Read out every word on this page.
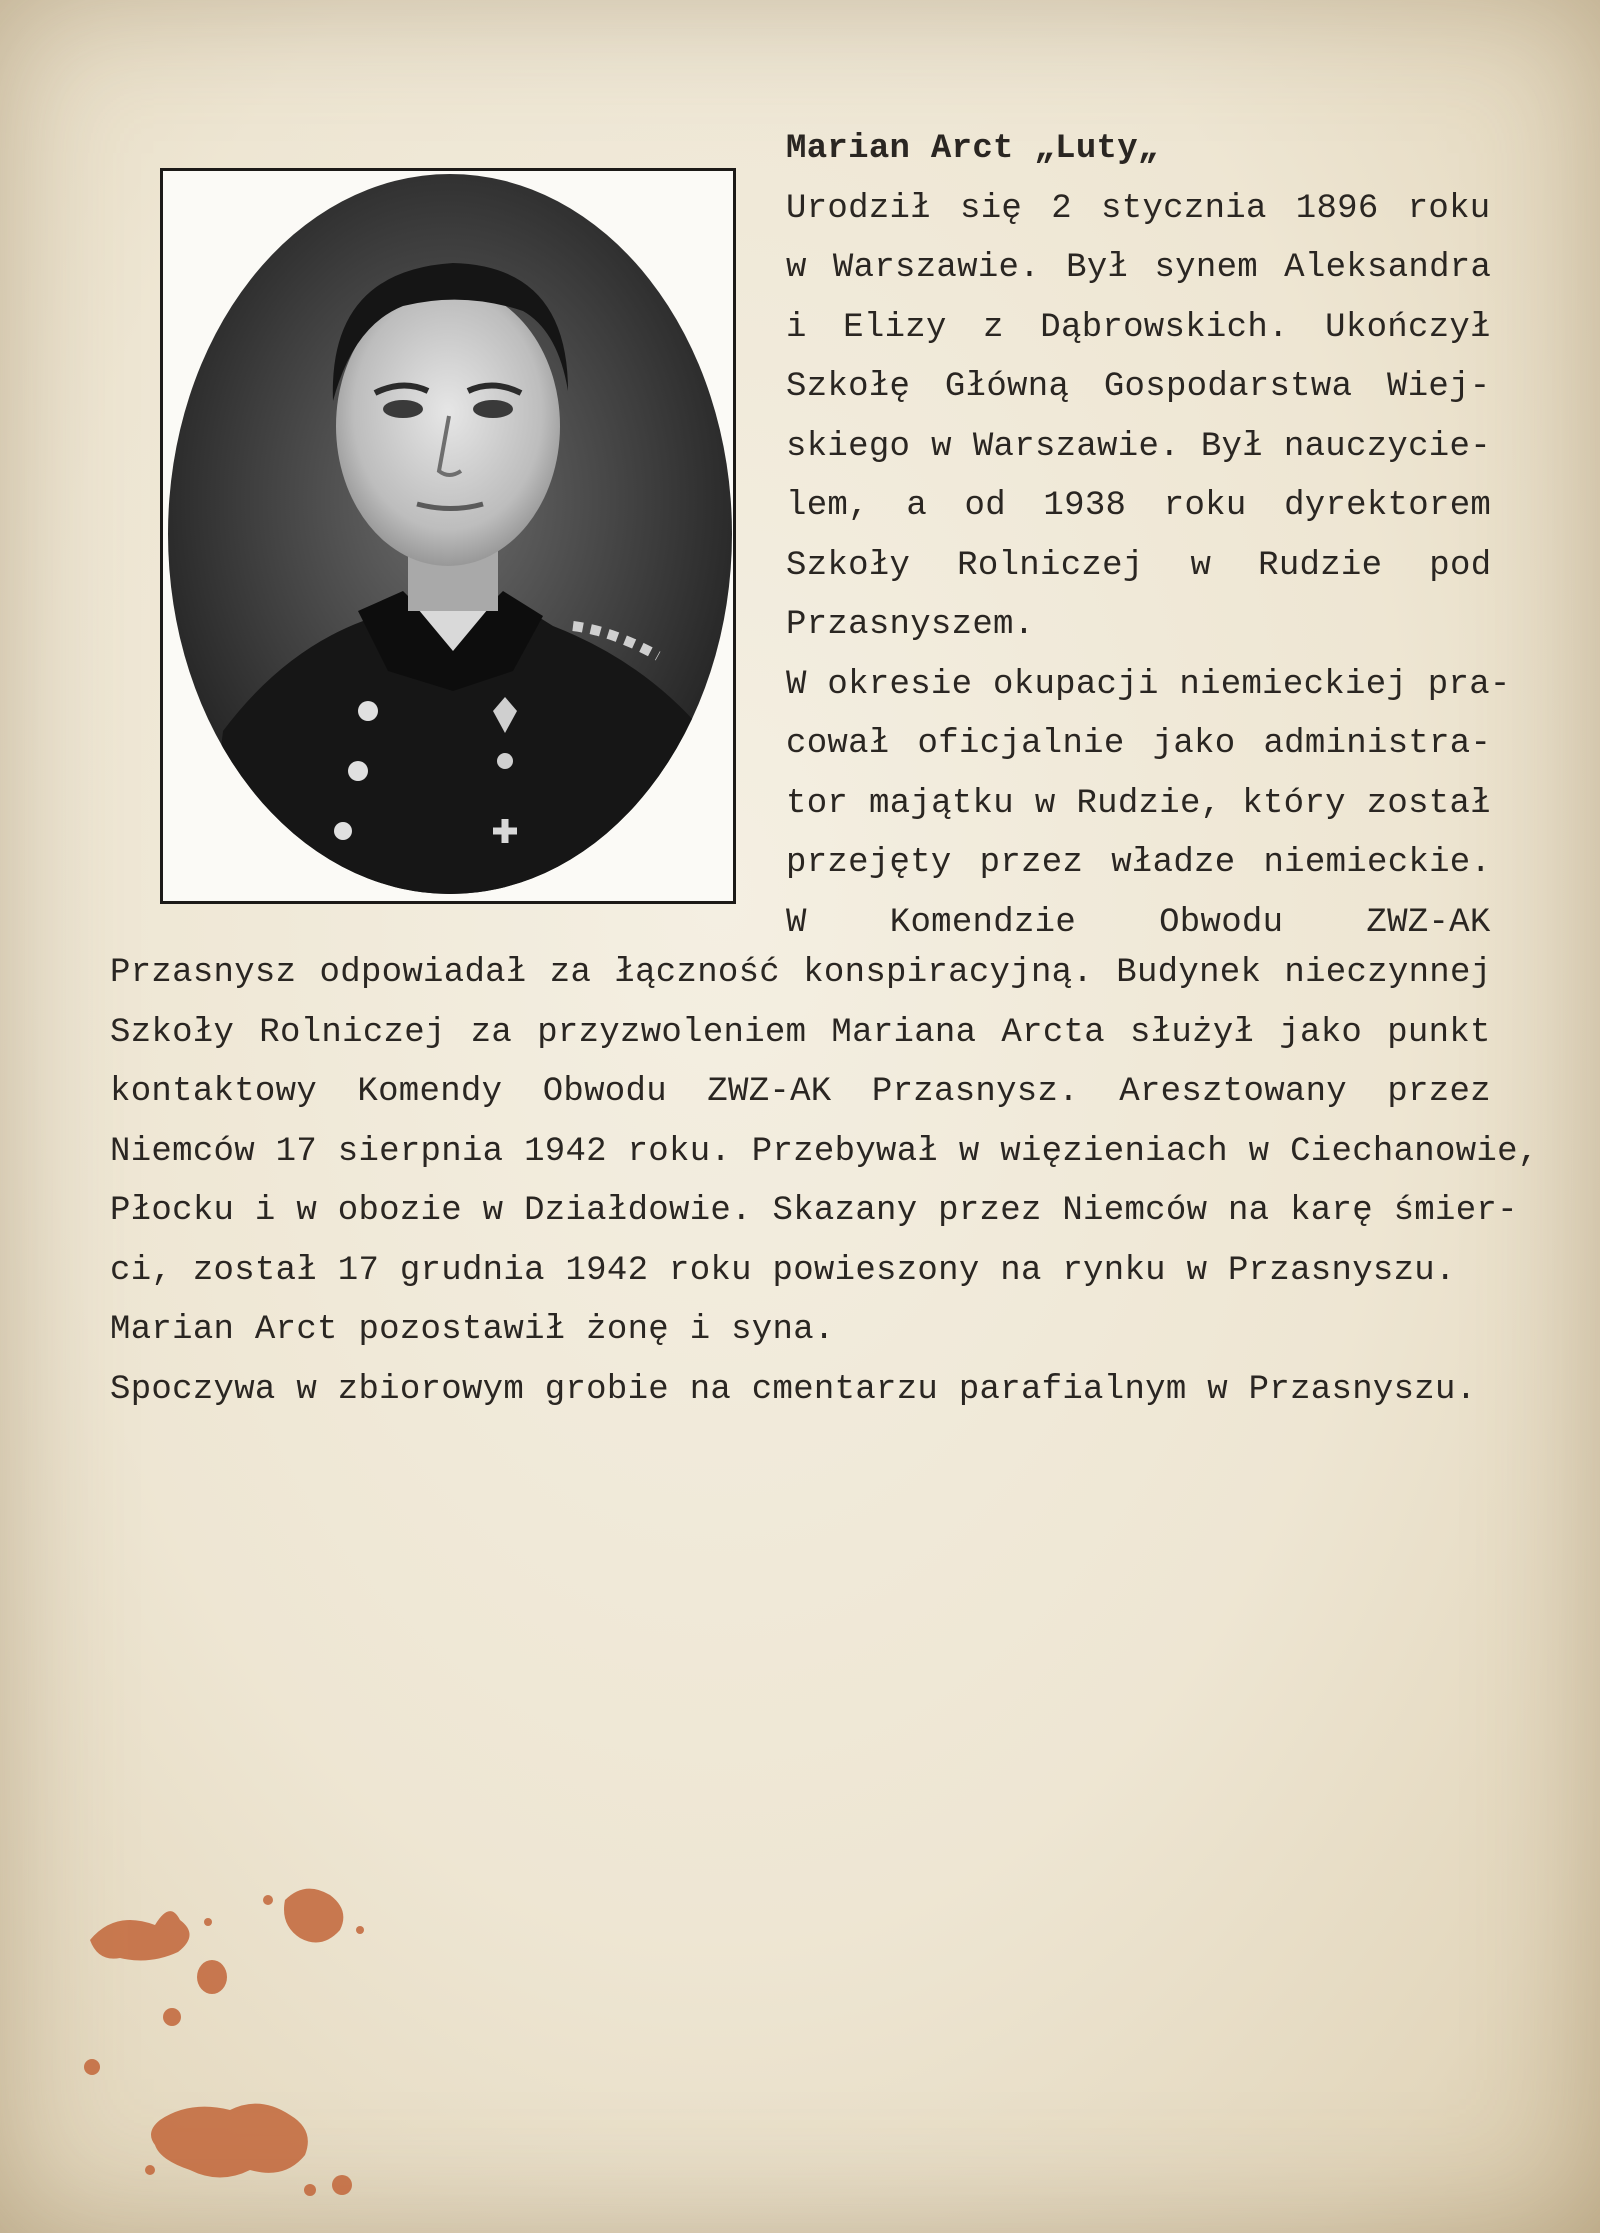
Marian Arct „Luty„
Urodził się 2 stycznia 1896 roku
w Warszawie. Był synem Aleksandra
i Elizy z Dąbrowskich. Ukończył
Szkołę Główną Gospodarstwa Wiej-
skiego w Warszawie. Był nauczycie-
lem, a od 1938 roku dyrektorem
Szkoły Rolniczej w Rudzie pod
Przasnyszem.
W okresie okupacji niemieckiej pra-
cował oficjalnie jako administra-
tor majątku w Rudzie, który został
przejęty przez władze niemieckie.
W Komendzie Obwodu ZWZ-AK
Przasnysz odpowiadał za łączność konspiracyjną. Budynek nieczynnej
Szkoły Rolniczej za przyzwoleniem Mariana Arcta służył jako punkt
kontaktowy Komendy Obwodu ZWZ-AK Przasnysz. Aresztowany przez
Niemców 17 sierpnia 1942 roku. Przebywał w więzieniach w Ciechanowie,
Płocku i w obozie w Działdowie. Skazany przez Niemców na karę śmier-
ci, został 17 grudnia 1942 roku powieszony na rynku w Przasnyszu.
Marian Arct pozostawił żonę i syna.
Spoczywa w zbiorowym grobie na cmentarzu parafialnym w Przasnyszu.
